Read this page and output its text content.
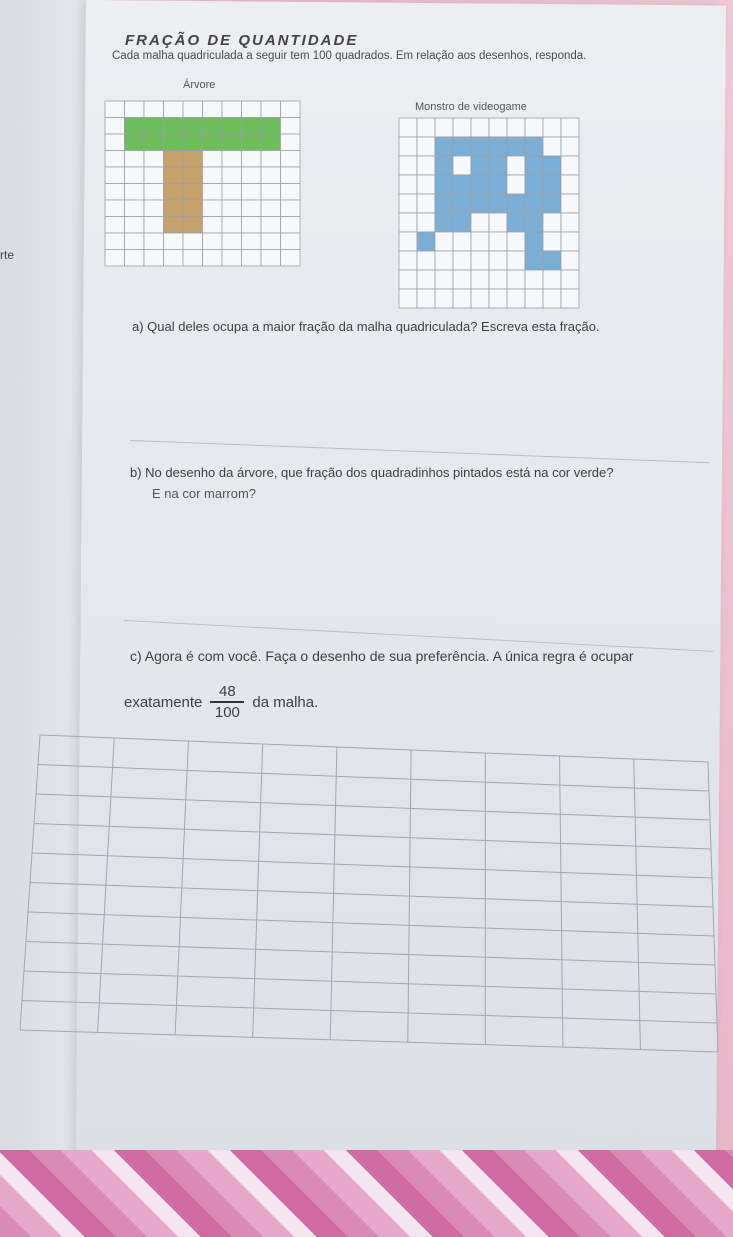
rte
FRAÇÃO DE QUANTIDADE
Cada malha quadriculada a seguir tem 100 quadrados. Em relação aos desenhos, responda.
Árvore
Monstro de videogame
a) Qual deles ocupa a maior fração da malha quadriculada? Escreva esta fração.
b) No desenho da árvore, que fração dos quadradinhos pintados está na cor verde?
E na cor marrom?
c) Agora é com você. Faça o desenho de sua preferência. A única regra é ocupar
exatamente $\frac{48}{100}$ da malha.
